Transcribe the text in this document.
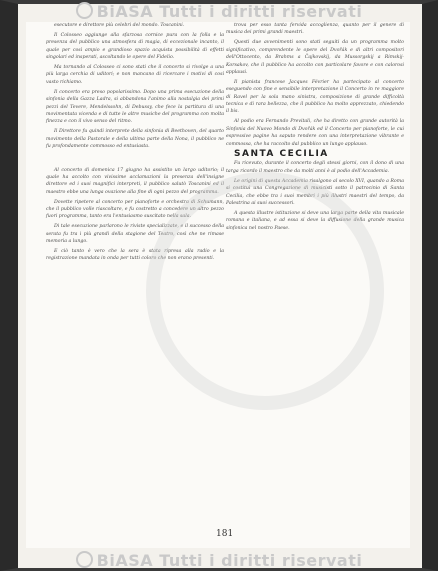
BiASA Tutti i diritti riservati

esecutore e direttore più celebri del mondo. Toscanini.

Il Colosseo aggiunge alla sfarzosa cornice pura con la folla e la presenza del pubblico una atmosfera di magia, di eccezionale incanto, il quale per così ampio e grandioso spazio acquista possibilità di effetti singolari ed insperati, ascoltando le opere del Fidelio.

Ma tornando al Colosseo ci sono stati che il concerto si rivolge a una più larga cerchia di uditori; e non mancano di ricercare i motivi di così vasto richiamo.

Il concerto era preso popolarissimo. Dopo una prima esecuzione della sinfonia della Gazza Ladra, si abbandona l'animo alla nostalgia dei primi pezzi del Tevere, Mendelssohn, di Debussy, che fece la partitura di una movimentata vicenda e di tutte le altre musiche del programma con molta finezza e con il vivo senso del ritmo.

Il Direttore fu quindi interprete della sinfonia di Beethoven, del quarto movimento della Pastorale e della ultima parte della Nona, il pubblico ne fu profondamente commosso ed entusiasta.

Al concerto di domenica 17 giugno ha assistito un largo uditorio; il quale ha accolto con vivissime acclamazioni la presenza dell'insigne direttore ed i suoi magnifici interpreti, il pubblico salutò Toscanini ed il maestro ebbe una lunga ovazione alla fine di ogni pezzo del programma.

Dovette ripetere al concerto per pianoforte e orchestra di Schumann, che il pubblico volle riascoltare, e fu costretto a concedere un altro pezzo fuori programma, tanto era l'entusiasmo suscitato nella sala.

Di tale esecuzione parlarono le riviste specializzate, e il successo della serata fu tra i più grandi della stagione del Teatro, così che ne rimase memoria a lungo.

E ciò tanto è vero che la sera è stata ripresa alla radio e la registrazione mandata in onda per tutti coloro che non erano presenti.

trova per esso tanta fervida accoglienza, quanto per il genere di musica dei primi grandi maestri.

Questi due avvenimenti sono stati seguiti da un programma molto significativo, comprendente le opere del Dvořák e di altri compositori dell'Ottocento, da Brahms a Čajkovskij, da Mussorgskij a Rimskij-Korsakov, che il pubblico ha accolto con particolare favore e con calorosi applausi.

Il pianista francese Jacques Février ha partecipato al concerto eseguendo con fine e sensibile interpretazione il Concerto in re maggiore di Ravel per la sola mano sinistra, composizione di grande difficoltà tecnica e di rara bellezza, che il pubblico ha molto apprezzato, chiedendo il bis.

Al podio era Fernando Previtali, che ha diretto con grande autorità la Sinfonia del Nuovo Mondo di Dvořák ed il Concerto per pianoforte, le cui espressive pagine ha saputo rendere con una interpretazione vibrante e commossa, che ha raccolto dal pubblico un lungo applauso.

SANTA CECILIA

Fu ricevuto, durante il concerto degli stessi giorni, con il dono di una targa ricordo il maestro che da molti anni è al podio dell'Accademia.

Le origini di questa Accademia risalgono al secolo XVI, quando a Roma si costituì una Congregazione di musicisti sotto il patrocinio di Santa Cecilia, che ebbe tra i suoi membri i più illustri maestri del tempo, da Palestrina ai suoi successori.

A questa illustre istituzione si deve una larga parte della vita musicale romana e italiana, e ad essa si deve la diffusione della grande musica sinfonica nel nostro Paese.

181
BiASA Tutti i diritti riservati
